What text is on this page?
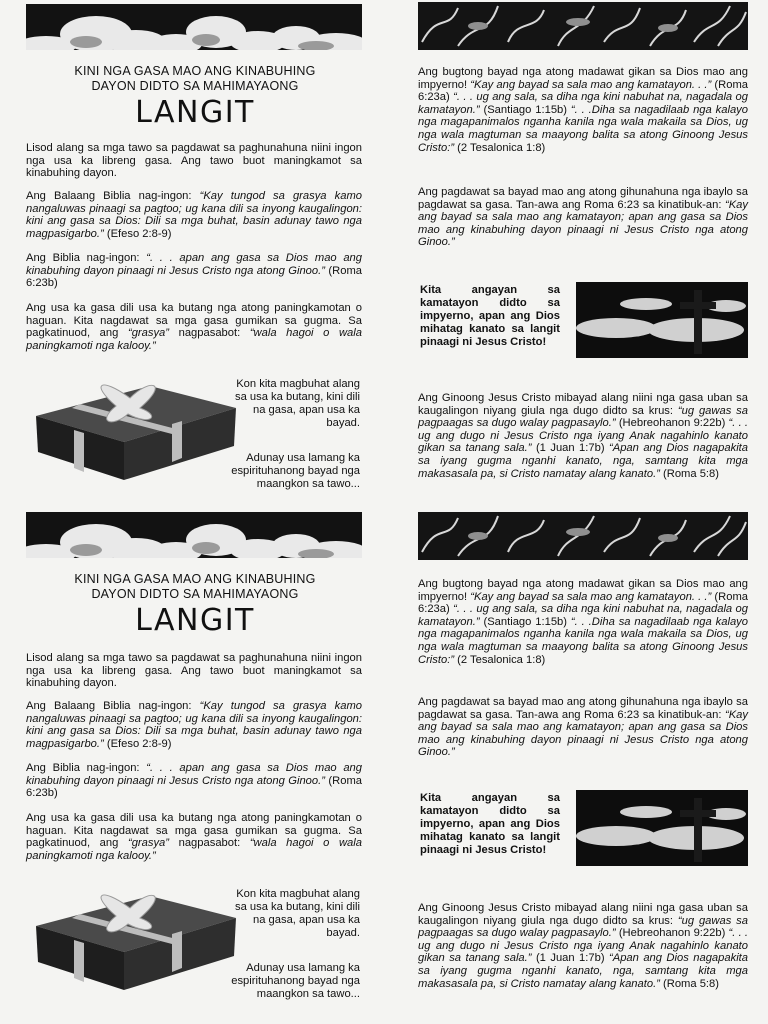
KINI NGA GASA MAO ANG KINABUHING

DAYON DIDTO SA MAHIMAYAONG

LANGIT

Lisod alang sa mga tawo sa pagdawat sa paghunahuna niini ingon nga usa ka libreng gasa. Ang tawo buot maningkamot sa kinabuhing dayon.

Ang Balaang Biblia nag-ingon: “Kay tungod sa grasya kamo nangaluwas pinaagi sa pagtoo; ug kana dili sa inyong kaugalingon: kini ang gasa sa Dios: Dili sa mga buhat, basin adunay tawo nga magpasigarbo.” (Efeso 2:8-9)

Ang Biblia nag-ingon: “. . . apan ang gasa sa Dios mao ang kinabuhing dayon pinaagi ni Jesus Cristo nga atong Ginoo.” (Roma 6:23b)

Ang usa ka gasa dili usa ka butang nga atong paningkamotan o haguan. Kita nagdawat sa mga gasa gumikan sa gugma. Sa pagkatinuod, ang “grasya” nagpasabot: “wala hagoi o wala paningkamoti nga kalooy.”

Kon kita magbuhat alang sa usa ka butang, kini dili na gasa, apan usa ka bayad.

Adunay usa lamang ka espirituhanong bayad nga maangkon sa tawo...

Ang bugtong bayad nga atong madawat gikan sa Dios mao ang impyerno! “Kay ang bayad sa sala mao ang kamatayon. . .” (Roma 6:23a) “. . . ug ang sala, sa diha nga kini nabuhat na, nagadala og kamatayon.” (Santiago 1:15b) “. . .Diha sa nagadilaab nga kalayo nga magapanimalos nganha kanila nga wala makaila sa Dios, ug nga wala magtuman sa maayong balita sa atong Ginoong Jesus Cristo:” (2 Tesalonica 1:8)

Ang pagdawat sa bayad mao ang atong gihunahuna nga ibaylo sa pagdawat sa gasa. Tan-awa ang Roma 6:23 sa kinatibuk-an: “Kay ang bayad sa sala mao ang kamatayon; apan ang gasa sa Dios mao ang kinabuhing dayon pinaagi ni Jesus Cristo nga atong Ginoo.”

Kita angayan sa kamatayon didto sa impyerno, apan ang Dios mihatag kanato sa langit pinaagi ni Jesus Cristo!

Ang Ginoong Jesus Cristo mibayad alang niini nga gasa uban sa kaugalingon niyang giula nga dugo didto sa krus: “ug gawas sa pagpaagas sa dugo walay pagpasaylo.” (Hebreohanon 9:22b) “. . . ug ang dugo ni Jesus Cristo nga iyang Anak nagahinlo kanato gikan sa tanang sala.” (1 Juan 1:7b) “Apan ang Dios nagapakita sa iyang gugma nganhi kanato, nga, samtang kita mga makasasala pa, si Cristo namatay alang kanato.” (Roma 5:8)

KINI NGA GASA MAO ANG KINABUHING

DAYON DIDTO SA MAHIMAYAONG

LANGIT

Lisod alang sa mga tawo sa pagdawat sa paghunahuna niini ingon nga usa ka libreng gasa. Ang tawo buot maningkamot sa kinabuhing dayon.

Ang Balaang Biblia nag-ingon: “Kay tungod sa grasya kamo nangaluwas pinaagi sa pagtoo; ug kana dili sa inyong kaugalingon: kini ang gasa sa Dios: Dili sa mga buhat, basin adunay tawo nga magpasigarbo.” (Efeso 2:8-9)

Ang Biblia nag-ingon: “. . . apan ang gasa sa Dios mao ang kinabuhing dayon pinaagi ni Jesus Cristo nga atong Ginoo.” (Roma 6:23b)

Ang usa ka gasa dili usa ka butang nga atong paningkamotan o haguan. Kita nagdawat sa mga gasa gumikan sa gugma. Sa pagkatinuod, ang “grasya” nagpasabot: “wala hagoi o wala paningkamoti nga kalooy.”

Kon kita magbuhat alang sa usa ka butang, kini dili na gasa, apan usa ka bayad.

Adunay usa lamang ka espirituhanong bayad nga maangkon sa tawo...

Ang bugtong bayad nga atong madawat gikan sa Dios mao ang impyerno! “Kay ang bayad sa sala mao ang kamatayon. . .” (Roma 6:23a) “. . . ug ang sala, sa diha nga kini nabuhat na, nagadala og kamatayon.” (Santiago 1:15b) “. . .Diha sa nagadilaab nga kalayo nga magapanimalos nganha kanila nga wala makaila sa Dios, ug nga wala magtuman sa maayong balita sa atong Ginoong Jesus Cristo:” (2 Tesalonica 1:8)

Ang pagdawat sa bayad mao ang atong gihunahuna nga ibaylo sa pagdawat sa gasa. Tan-awa ang Roma 6:23 sa kinatibuk-an: “Kay ang bayad sa sala mao ang kamatayon; apan ang gasa sa Dios mao ang kinabuhing dayon pinaagi ni Jesus Cristo nga atong Ginoo.”

Kita angayan sa kamatayon didto sa impyerno, apan ang Dios mihatag kanato sa langit pinaagi ni Jesus Cristo!

Ang Ginoong Jesus Cristo mibayad alang niini nga gasa uban sa kaugalingon niyang giula nga dugo didto sa krus: “ug gawas sa pagpaagas sa dugo walay pagpasaylo.” (Hebreohanon 9:22b) “. . . ug ang dugo ni Jesus Cristo nga iyang Anak nagahinlo kanato gikan sa tanang sala.” (1 Juan 1:7b) “Apan ang Dios nagapakita sa iyang gugma nganhi kanato, nga, samtang kita mga makasasala pa, si Cristo namatay alang kanato.” (Roma 5:8)
